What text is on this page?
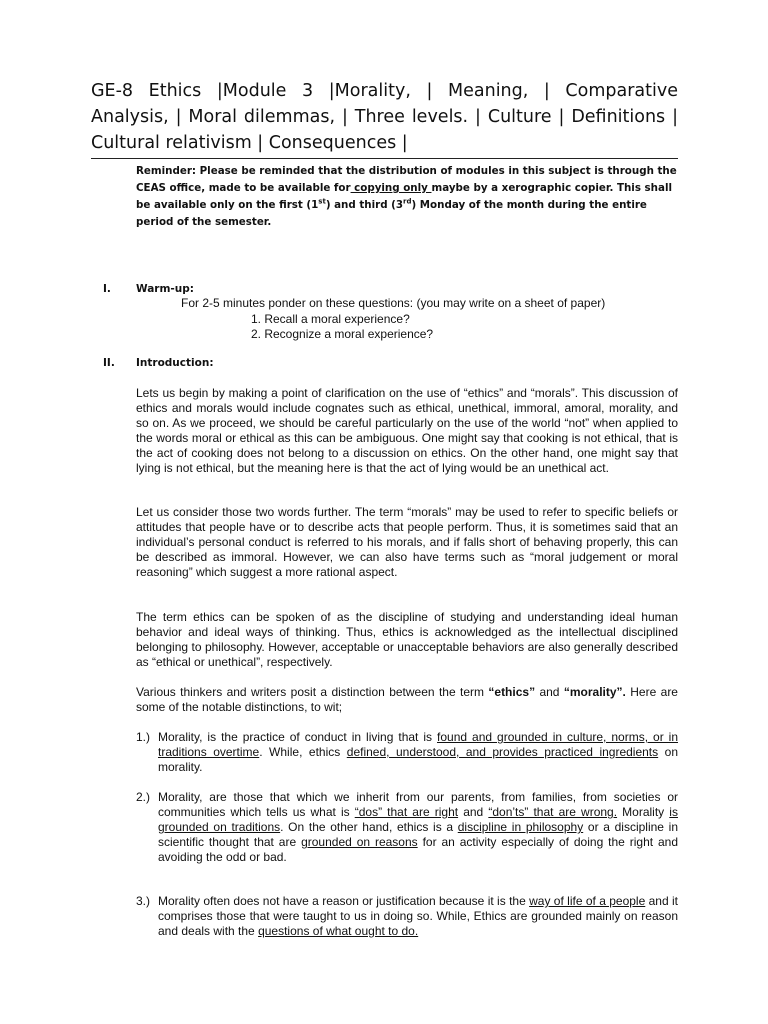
GE-8 Ethics |Module 3 |Morality, | Meaning, | Comparative Analysis, | Moral dilemmas, | Three levels. | Culture | Definitions | Cultural relativism | Consequences |

Reminder: Please be reminded that the distribution of modules in this subject is through the CEAS office, made to be available for copying only maybe by a xerographic copier. This shall be available only on the first (1st) and third (3rd) Monday of the month during the entire period of the semester.

I. Warm-up:
For 2-5 minutes ponder on these questions: (you may write on a sheet of paper)
1. Recall a moral experience?
2. Recognize a moral experience?
II. Introduction:

Lets us begin by making a point of clarification on the use of “ethics” and “morals”. This discussion of ethics and morals would include cognates such as ethical, unethical, immoral, amoral, morality, and so on. As we proceed, we should be careful particularly on the use of the world “not” when applied to the words moral or ethical as this can be ambiguous. One might say that cooking is not ethical, that is the act of cooking does not belong to a discussion on ethics. On the other hand, one might say that lying is not ethical, but the meaning here is that the act of lying would be an unethical act.

Let us consider those two words further. The term “morals” may be used to refer to specific beliefs or attitudes that people have or to describe acts that people perform. Thus, it is sometimes said that an individual’s personal conduct is referred to his morals, and if falls short of behaving properly, this can be described as immoral. However, we can also have terms such as “moral judgement or moral reasoning” which suggest a more rational aspect.

The term ethics can be spoken of as the discipline of studying and understanding ideal human behavior and ideal ways of thinking. Thus, ethics is acknowledged as the intellectual disciplined belonging to philosophy. However, acceptable or unacceptable behaviors are also generally described as “ethical or unethical”, respectively.

Various thinkers and writers posit a distinction between the term “ethics” and “morality”. Here are some of the notable distinctions, to wit;

1.) Morality, is the practice of conduct in living that is found and grounded in culture, norms, or in traditions overtime. While, ethics defined, understood, and provides practiced ingredients on morality.

2.) Morality, are those that which we inherit from our parents, from families, from societies or communities which tells us what is “dos” that are right and “don’ts” that are wrong. Morality is grounded on traditions. On the other hand, ethics is a discipline in philosophy or a discipline in scientific thought that are grounded on reasons for an activity especially of doing the right and avoiding the odd or bad.

3.) Morality often does not have a reason or justification because it is the way of life of a people and it comprises those that were taught to us in doing so. While, Ethics are grounded mainly on reason and deals with the questions of what ought to do.
